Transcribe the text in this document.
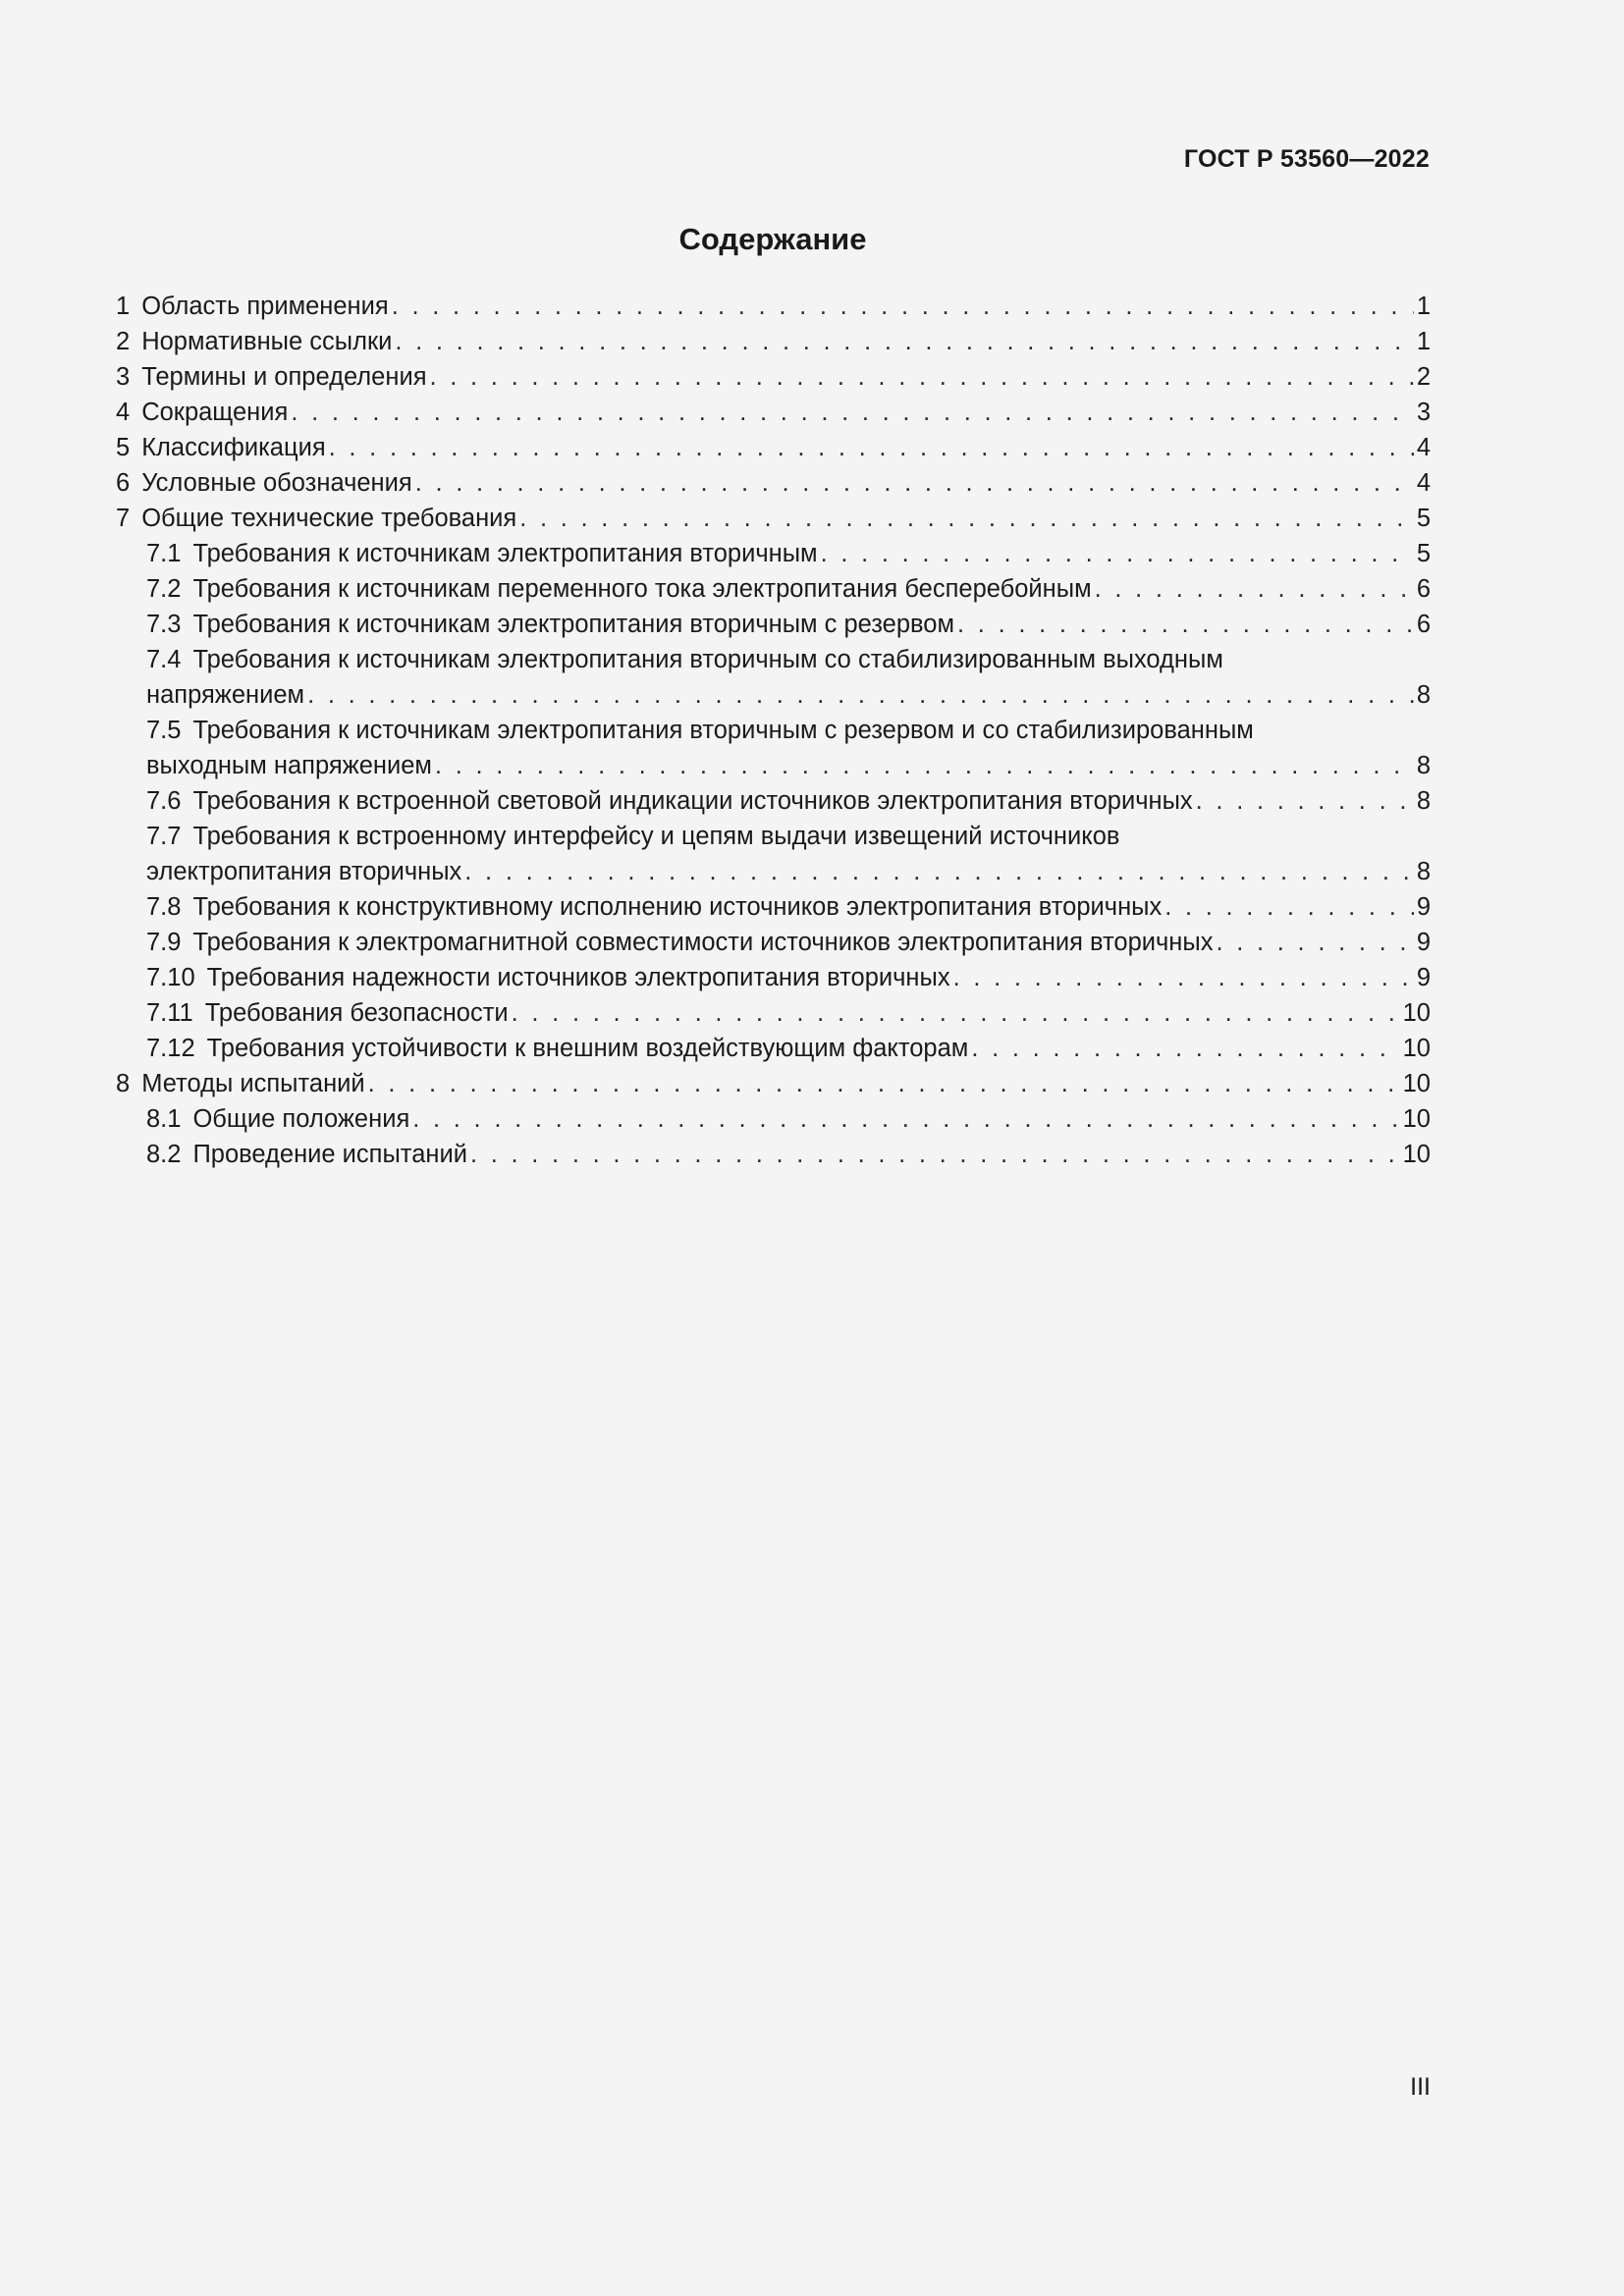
ГОСТ Р 53560—2022
Содержание
1 Область применения . . .	1
2 Нормативные ссылки . . .	1
3 Термины и определения . . .	2
4 Сокращения . . .	3
5 Классификация . . .	4
6 Условные обозначения . . .	4
7 Общие технические требования . . .	5
7.1 Требования к источникам электропитания вторичным . . .	5
7.2 Требования к источникам переменного тока электропитания бесперебойным . . .	6
7.3 Требования к источникам электропитания вторичным с резервом . . .	6
7.4 Требования к источникам электропитания вторичным со стабилизированным выходным
напряжением . . .	8
7.5 Требования к источникам электропитания вторичным с резервом и со стабилизированным
выходным напряжением . . .	8
7.6 Требования к встроенной световой индикации источников электропитания вторичных . . .	8
7.7 Требования к встроенному интерфейсу и цепям выдачи извещений источников
электропитания вторичных . . .	8
7.8 Требования к конструктивному исполнению источников электропитания вторичных . . .	9
7.9 Требования к электромагнитной совместимости источников электропитания вторичных . . .	9
7.10 Требования надежности источников электропитания вторичных . . .	9
7.11 Требования безопасности . . .	10
7.12 Требования устойчивости к внешним воздействующим факторам . . .	10
8 Методы испытаний . . .	10
8.1 Общие положения . . .	10
8.2 Проведение испытаний . . .	10
III
